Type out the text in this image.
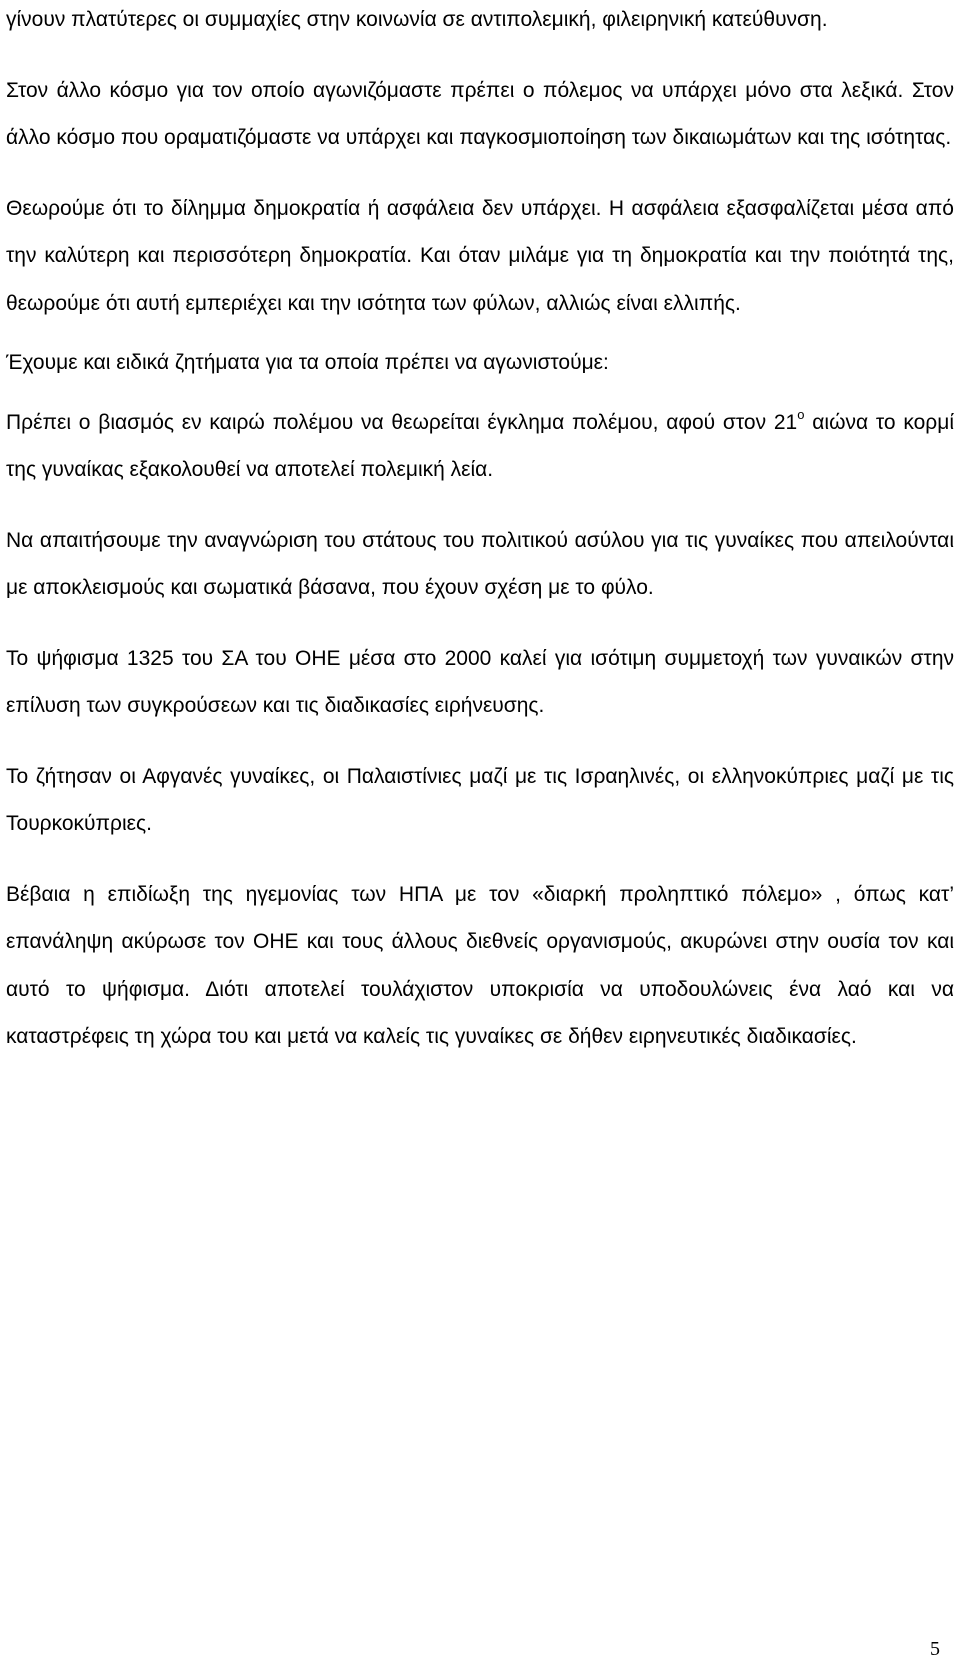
γίνουν πλατύτερες οι συμμαχίες στην κοινωνία σε αντιπολεμική, φιλειρηνική κατεύθυνση.

Στον άλλο κόσμο για τον οποίο αγωνιζόμαστε πρέπει ο πόλεμος να υπάρχει μόνο στα λεξικά. Στον άλλο κόσμο που οραματιζόμαστε να υπάρχει και παγκοσμιοποίηση των δικαιωμάτων και της ισότητας.

Θεωρούμε ότι το δίλημμα δημοκρατία ή ασφάλεια δεν υπάρχει. Η ασφάλεια εξασφαλίζεται μέσα από την καλύτερη και περισσότερη δημοκρατία. Και όταν μιλάμε για τη δημοκρατία και την ποιότητά της, θεωρούμε ότι αυτή εμπεριέχει και την ισότητα των φύλων, αλλιώς είναι ελλιπής.

Έχουμε και ειδικά ζητήματα για τα οποία πρέπει να αγωνιστούμε:

Πρέπει ο βιασμός εν καιρώ πολέμου να θεωρείται έγκλημα πολέμου, αφού στον $21^o$ αιώνα το κορμί της γυναίκας εξακολουθεί να αποτελεί πολεμική λεία.

Να απαιτήσουμε την αναγνώριση του στάτους του πολιτικού ασύλου για τις γυναίκες που απειλούνται με αποκλεισμούς και σωματικά βάσανα, που έχουν σχέση με το φύλο.

Το ψήφισμα 1325 του ΣΑ του ΟΗΕ μέσα στο 2000 καλεί για ισότιμη συμμετοχή των γυναικών στην επίλυση των συγκρούσεων και τις διαδικασίες ειρήνευσης.

Το ζήτησαν οι Αφγανές γυναίκες, οι Παλαιστίνιες μαζί με τις Ισραηλινές, οι ελληνοκύπριες μαζί με τις Τουρκοκύπριες.

Βέβαια η επιδίωξη της ηγεμονίας των ΗΠΑ με τον «διαρκή προληπτικό πόλεμο» , όπως κατ’ επανάληψη ακύρωσε τον ΟΗΕ και τους άλλους διεθνείς οργανισμούς, ακυρώνει στην ουσία τον και αυτό το ψήφισμα. Διότι αποτελεί τουλάχιστον υποκρισία να υποδουλώνεις ένα λαό και να καταστρέφεις τη χώρα του και μετά να καλείς τις γυναίκες σε δήθεν ειρηνευτικές διαδικασίες.

5
